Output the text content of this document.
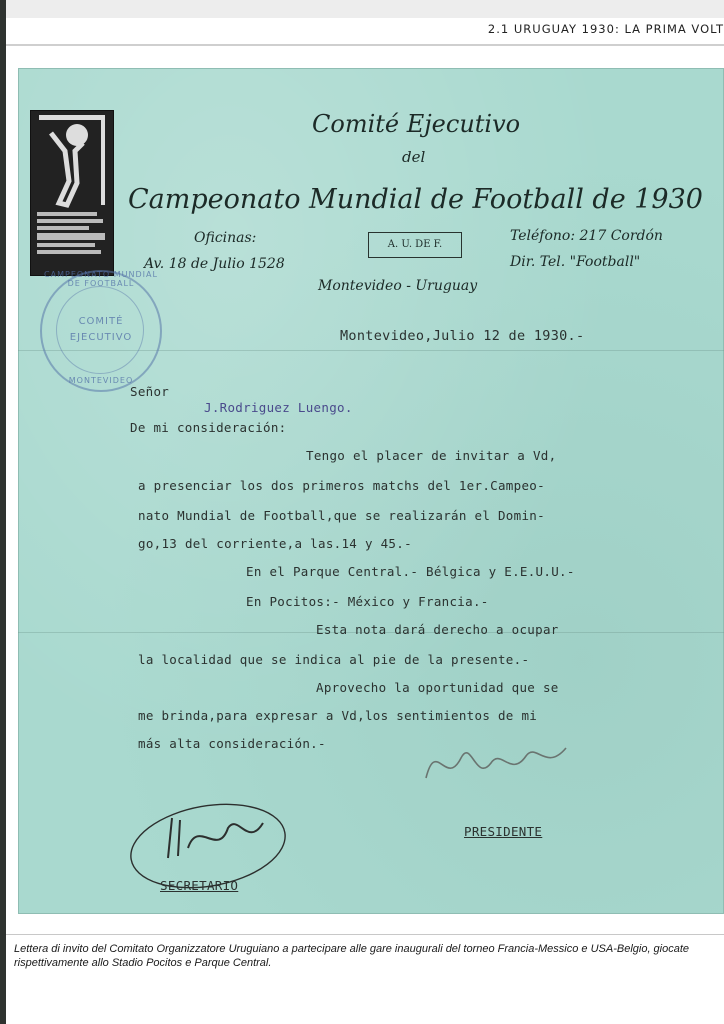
2.1 URUGUAY 1930: LA PRIMA VOLT
CAMPEONATO MUNDIAL DE FOOTBALL
COMITÉ
EJECUTIVO
MONTEVIDEO
Comité Ejecutivo
del
Campeonato Mundial de Football de 1930
Oficinas:
Av. 18 de Julio 1528
A. U. DE F.
Teléfono: 217 Cordón
Dir. Tel. "Football"
Montevideo - Uruguay
Montevideo,Julio 12 de 1930.-
Señor
J.Rodriguez Luengo.
De mi consideración:
Tengo el placer de invitar a Vd,
a presenciar los dos primeros matchs del 1er.Campeo-
nato Mundial de Football,que se realizarán el Domin-
go,13 del corriente,a las.14 y 45.-
En el Parque Central.- Bélgica y E.E.U.U.-
En Pocitos:- México y Francia.-
Esta nota dará derecho a ocupar
la localidad que se indica al pie de la presente.-
Aprovecho la oportunidad que se
me brinda,para expresar a Vd,los sentimientos de mi
más alta consideración.-
PRESIDENTE
SECRETARIO
Lettera di invito del Comitato Organizzatore Uruguiano a partecipare alle gare inaugurali del torneo Francia-Messico e USA-Belgio, giocate rispettivamente allo Stadio Pocitos e Parque Central.
